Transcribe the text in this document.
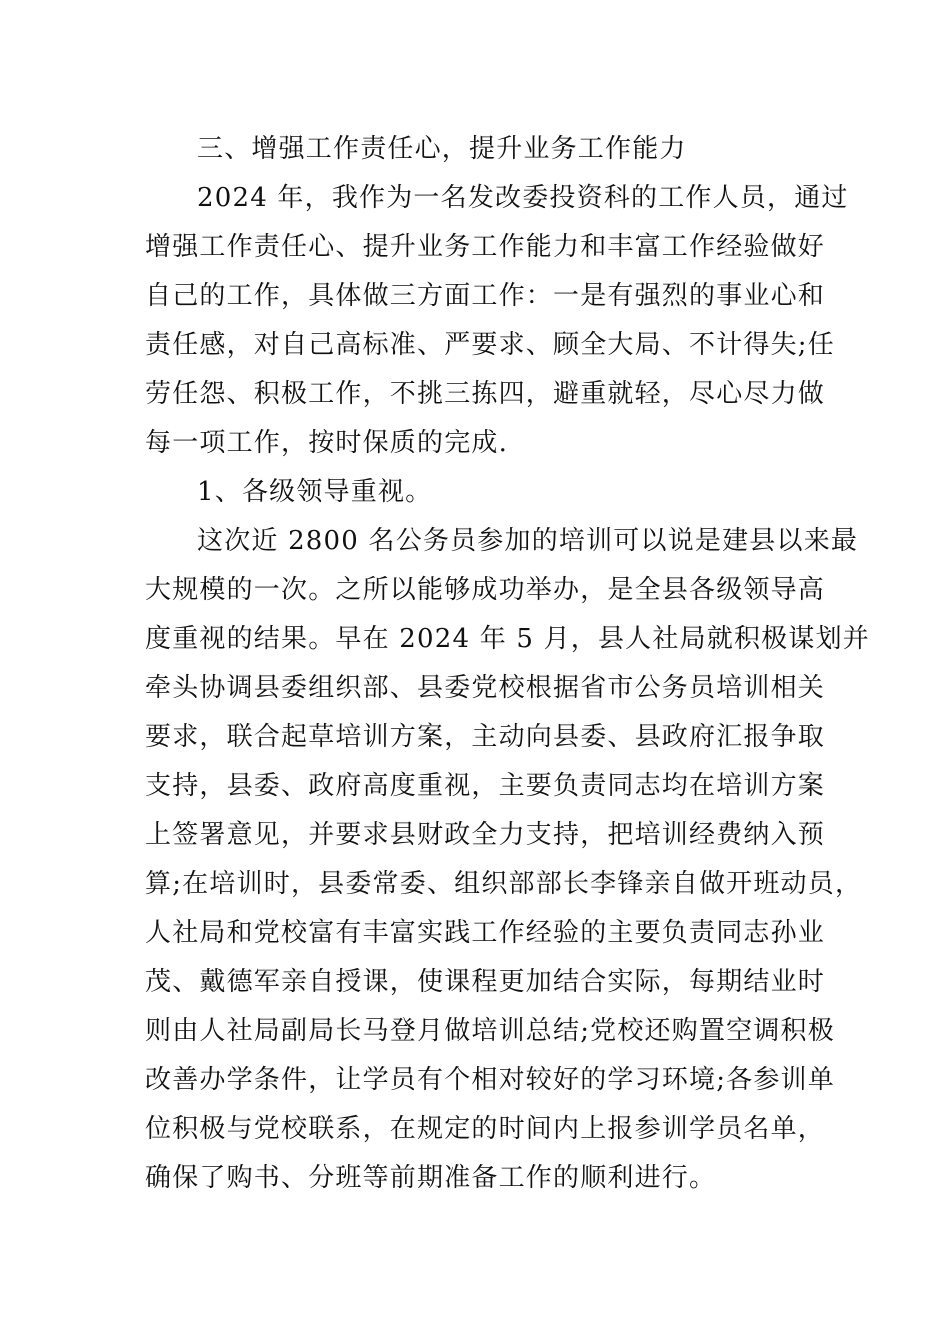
三、增强工作责任心，提升业务工作能力
2024 年，我作为一名发改委投资科的工作人员，通过
增强工作责任心、提升业务工作能力和丰富工作经验做好
自己的工作，具体做三方面工作：一是有强烈的事业心和
责任感，对自己高标准、严要求、顾全大局、不计得失;任
劳任怨、积极工作，不挑三拣四，避重就轻，尽心尽力做
每一项工作，按时保质的完成.
1、各级领导重视。
这次近 2800 名公务员参加的培训可以说是建县以来最
大规模的一次。之所以能够成功举办，是全县各级领导高
度重视的结果。早在 2024 年 5 月，县人社局就积极谋划并
牵头协调县委组织部、县委党校根据省市公务员培训相关
要求，联合起草培训方案，主动向县委、县政府汇报争取
支持，县委、政府高度重视，主要负责同志均在培训方案
上签署意见，并要求县财政全力支持，把培训经费纳入预
算;在培训时，县委常委、组织部部长李锋亲自做开班动员，
人社局和党校富有丰富实践工作经验的主要负责同志孙业
茂、戴德军亲自授课，使课程更加结合实际，每期结业时
则由人社局副局长马登月做培训总结;党校还购置空调积极
改善办学条件，让学员有个相对较好的学习环境;各参训单
位积极与党校联系，在规定的时间内上报参训学员名单，
确保了购书、分班等前期准备工作的顺利进行。
